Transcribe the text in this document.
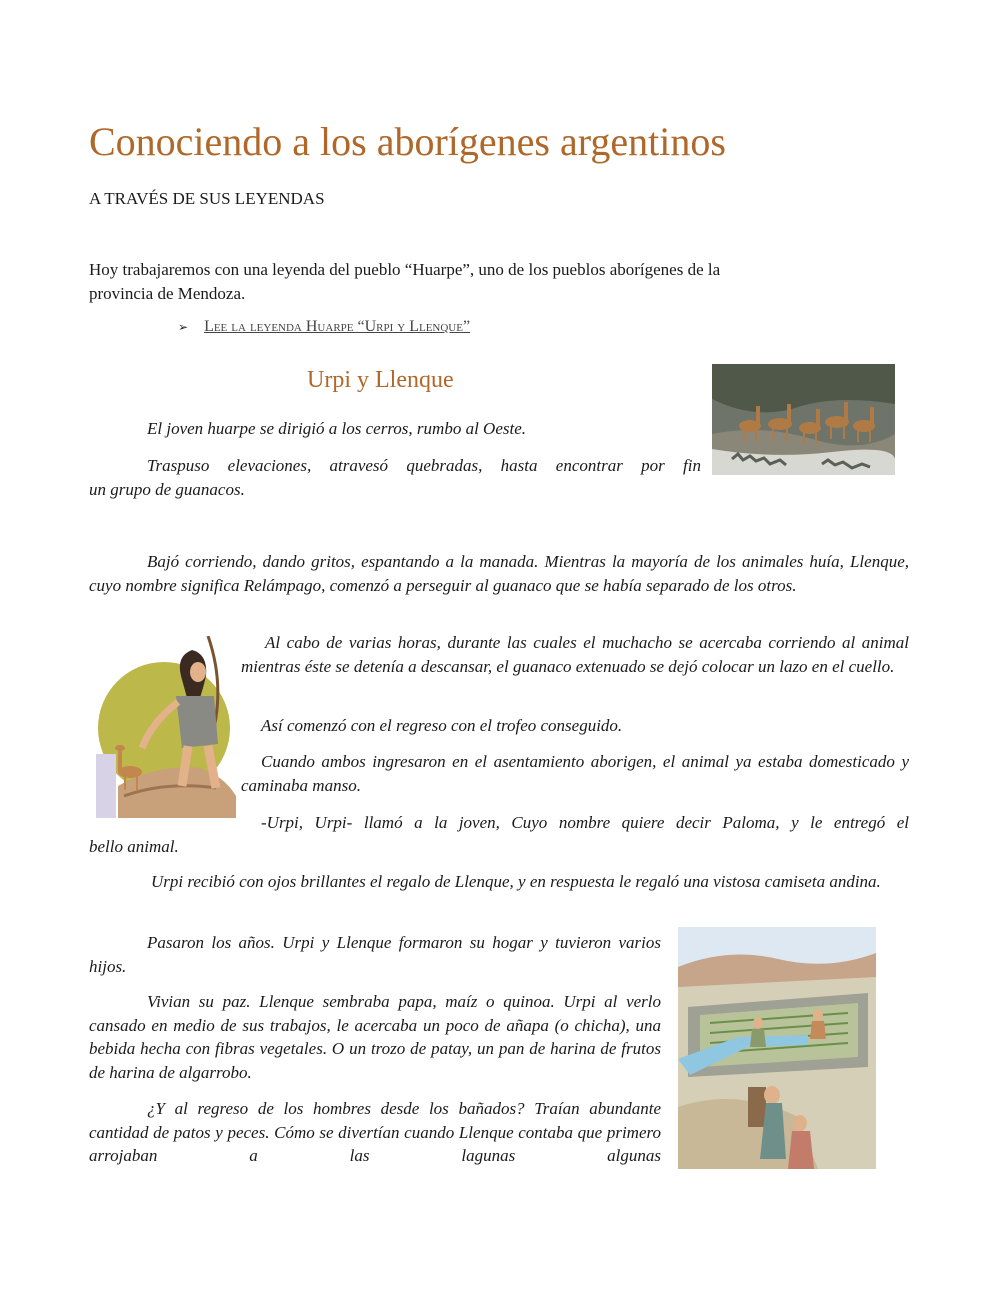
Conociendo a los aborígenes argentinos
A TRAVÉS DE SUS LEYENDAS
Hoy trabajaremos con una leyenda del pueblo “Huarpe”, uno de los pueblos aborígenes de la
provincia de Mendoza.
➢ Lee la leyenda Huarpe “Urpi y Llenque”
Urpi y Llenque

El joven huarpe se dirigió a los cerros, rumbo al Oeste.

Traspuso elevaciones, atravesó quebradas, hasta encontrar por fin
un grupo de guanacos.

Bajó corriendo, dando gritos, espantando a la manada. Mientras la mayoría de los animales huía, Llenque, cuyo nombre significa Relámpago, comenzó a perseguir al guanaco que se había separado de los otros.

Al cabo de varias horas, durante las cuales el muchacho se acercaba corriendo al animal mientras éste se detenía a descansar, el guanaco extenuado se dejó colocar un lazo en el cuello.

Así comenzó con el regreso con el trofeo conseguido.

Cuando ambos ingresaron en el asentamiento aborigen, el animal ya estaba domesticado y caminaba manso.

-Urpi, Urpi- llamó a la joven, Cuyo nombre quiere decir Paloma, y le entregó el
bello animal.

Urpi recibió con ojos brillantes el regalo de Llenque, y en respuesta le regaló una vistosa camiseta andina.

Pasaron los años. Urpi y Llenque formaron su hogar y tuvieron varios hijos.

Vivian su paz. Llenque sembraba papa, maíz o quinoa. Urpi al verlo cansado en medio de sus trabajos, le acercaba un poco de añapa (o chicha), una bebida hecha con fibras vegetales. O un trozo de patay, un pan de harina de frutos de harina de algarrobo.

¿Y al regreso de los hombres desde los bañados? Traían abundante cantidad de patos y peces. Cómo se divertían cuando Llenque contaba que primero arrojaban a las lagunas algunas
